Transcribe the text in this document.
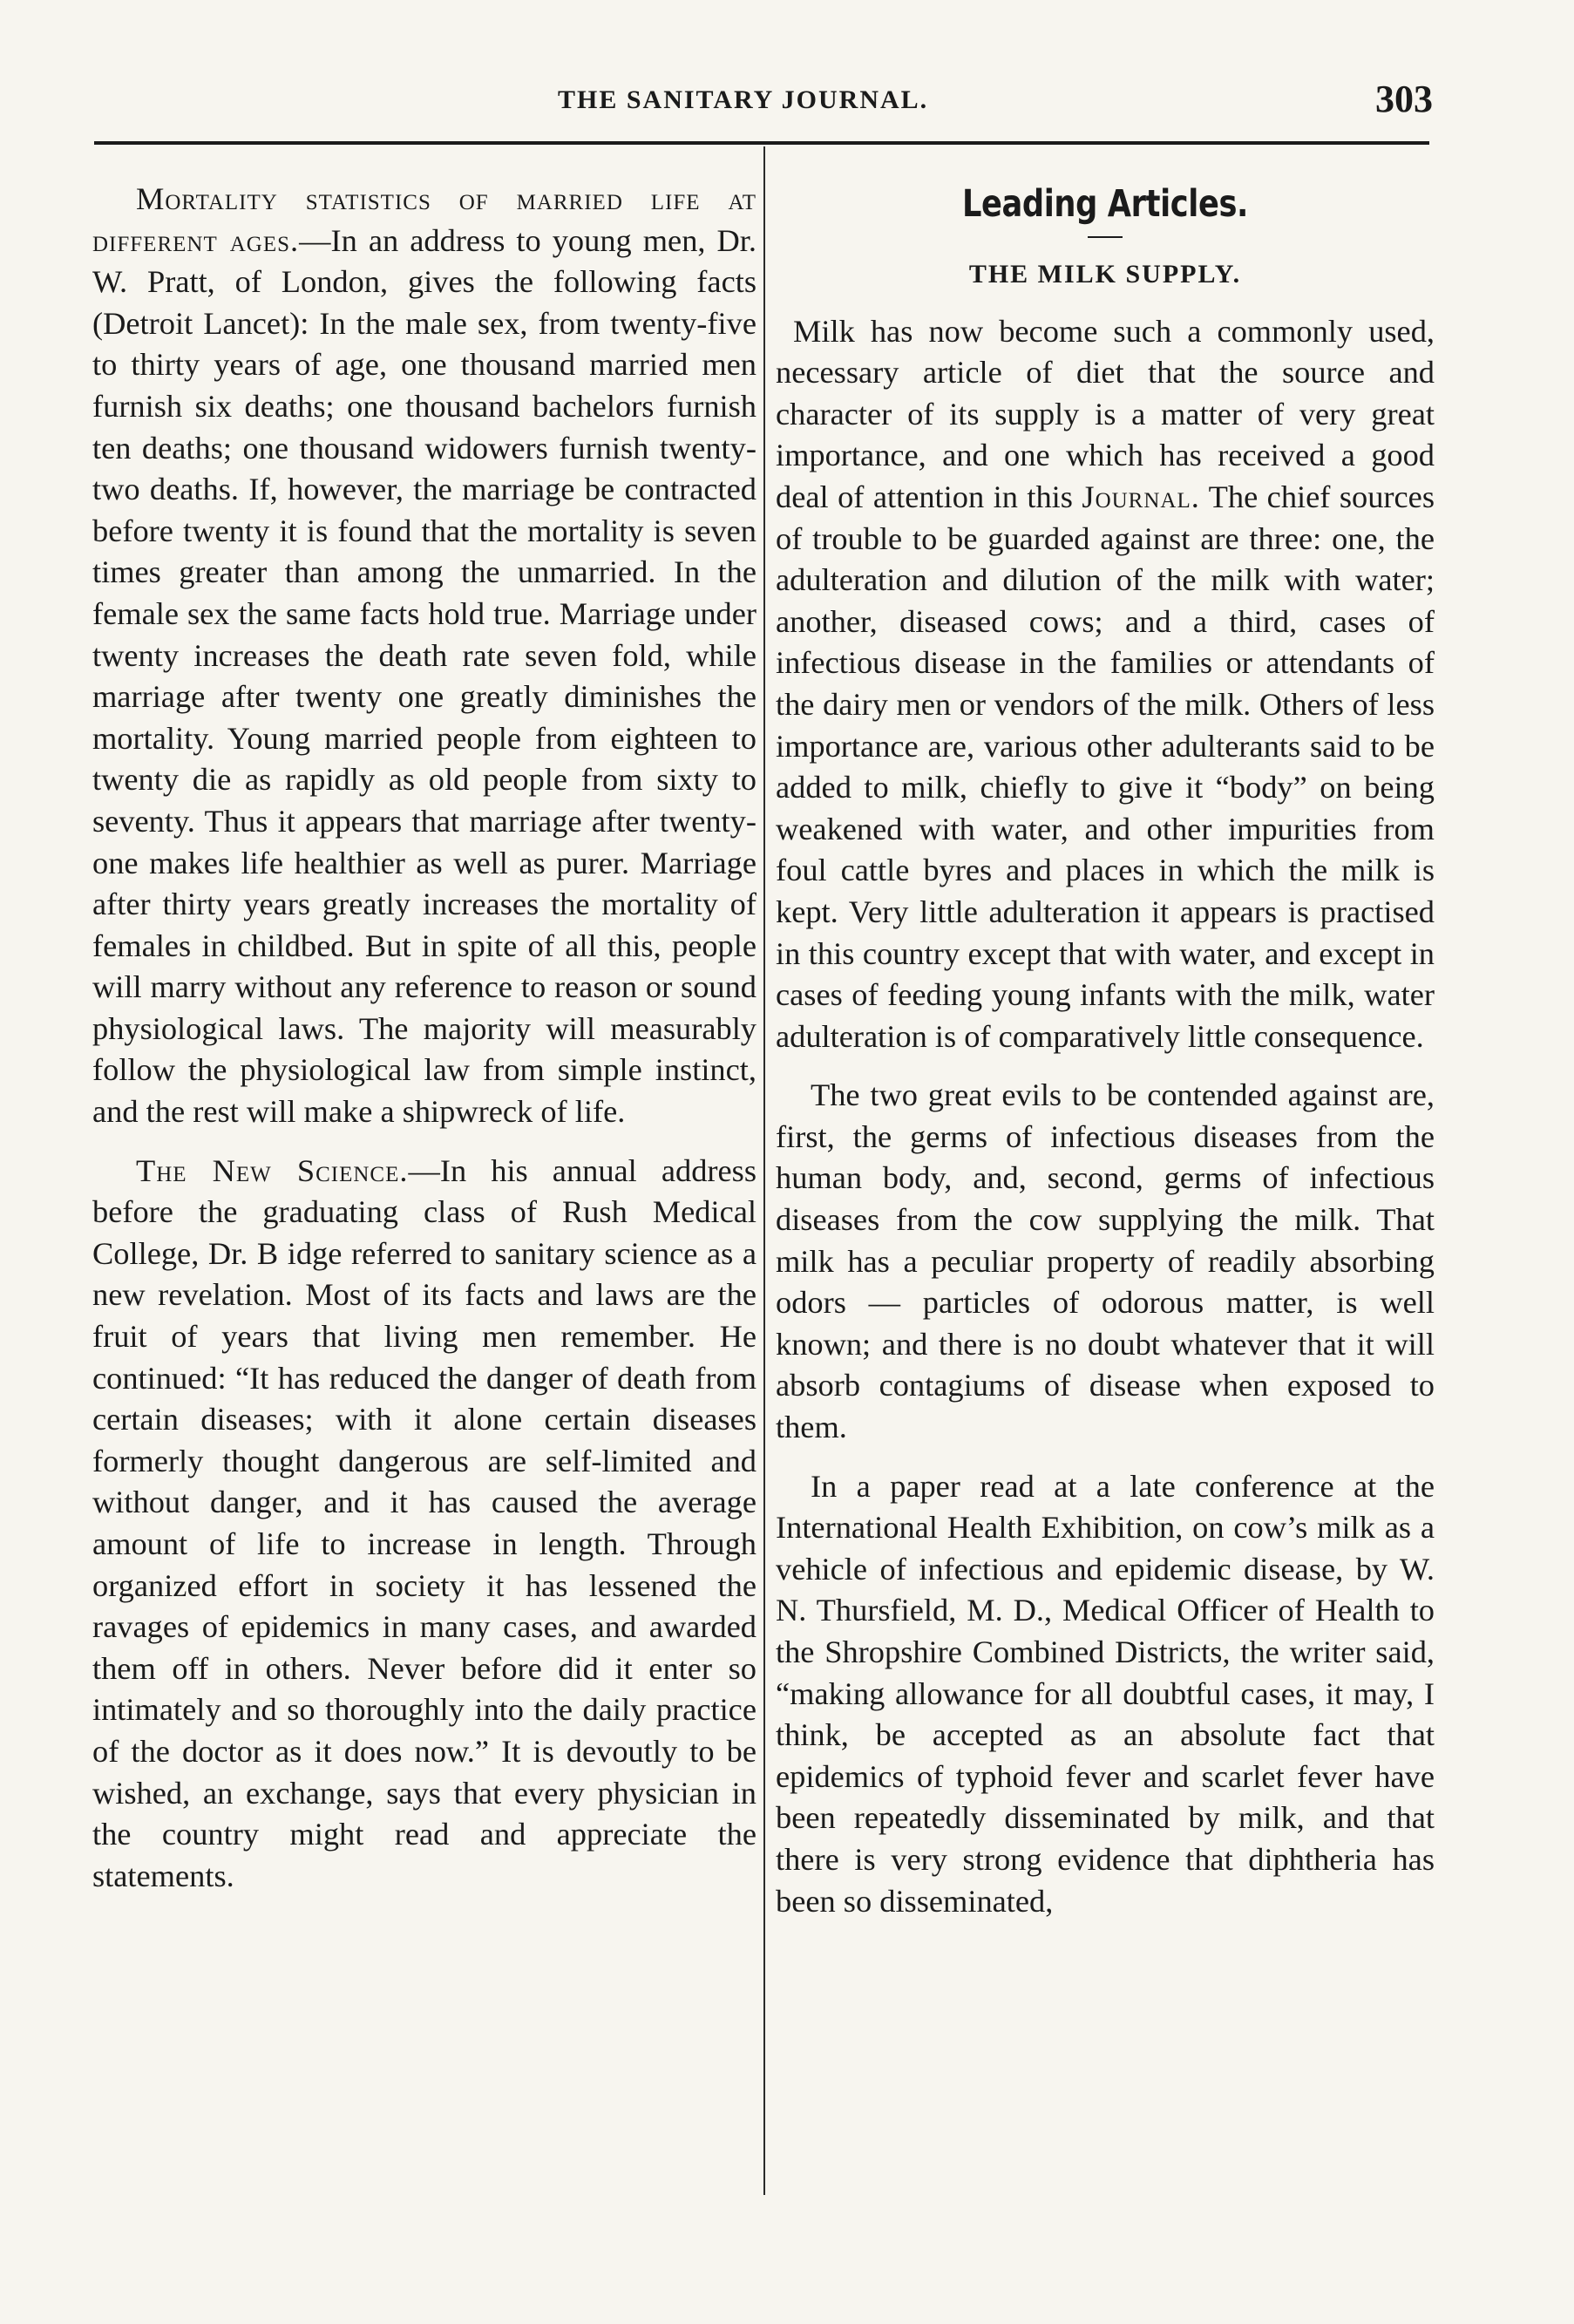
THE SANITARY JOURNAL.	303

Mortality statistics of married life at different ages.—In an address to young men, Dr. W. Pratt, of London, gives the following facts (Detroit Lancet): In the male sex, from twenty-five to thirty years of age, one thousand married men furnish six deaths; one thousand bachelors furnish ten deaths; one thousand widowers furnish twenty-two deaths. If, however, the marriage be contracted before twenty it is found that the mortality is seven times greater than among the unmarried. In the female sex the same facts hold true. Marriage under twenty increases the death rate seven fold, while marriage after twenty one greatly diminishes the mortality. Young married people from eighteen to twenty die as rapidly as old people from sixty to seventy. Thus it appears that marriage after twenty-one makes life healthier as well as purer. Marriage after thirty years greatly increases the mortality of females in childbed. But in spite of all this, people will marry without any reference to reason or sound physiological laws. The majority will measurably follow the physiological law from simple instinct, and the rest will make a shipwreck of life.

The New Science.—In his annual address before the graduating class of Rush Medical College, Dr. B idge referred to sanitary science as a new revelation. Most of its facts and laws are the fruit of years that living men remember. He continued: “It has reduced the danger of death from certain diseases; with it alone certain diseases formerly thought dangerous are self-limited and without danger, and it has caused the average amount of life to increase in length. Through organized effort in society it has lessened the ravages of epidemics in many cases, and awarded them off in others. Never before did it enter so intimately and so thoroughly into the daily practice of the doctor as it does now.” It is devoutly to be wished, an exchange, says that every physician in the country might read and appreciate the statements.

Leading Articles.
THE MILK SUPPLY.

Milk has now become such a commonly used, necessary article of diet that the source and character of its supply is a matter of very great importance, and one which has received a good deal of attention in this Journal. The chief sources of trouble to be guarded against are three: one, the adulteration and dilution of the milk with water; another, diseased cows; and a third, cases of infectious disease in the families or attendants of the dairy men or vendors of the milk. Others of less importance are, various other adulterants said to be added to milk, chiefly to give it “body” on being weakened with water, and other impurities from foul cattle byres and places in which the milk is kept. Very little adulteration it appears is practised in this country except that with water, and except in cases of feeding young infants with the milk, water adulteration is of comparatively little consequence.

The two great evils to be contended against are, first, the germs of infectious diseases from the human body, and, second, germs of infectious diseases from the cow supplying the milk. That milk has a peculiar property of readily absorbing odors — particles of odorous matter, is well known; and there is no doubt whatever that it will absorb contagiums of disease when exposed to them.

In a paper read at a late conference at the International Health Exhibition, on cow’s milk as a vehicle of infectious and epidemic disease, by W. N. Thursfield, M. D., Medical Officer of Health to the Shropshire Combined Districts, the writer said, “making allowance for all doubtful cases, it may, I think, be accepted as an absolute fact that epidemics of typhoid fever and scarlet fever have been repeatedly disseminated by milk, and that there is very strong evidence that diphtheria has been so disseminated,
